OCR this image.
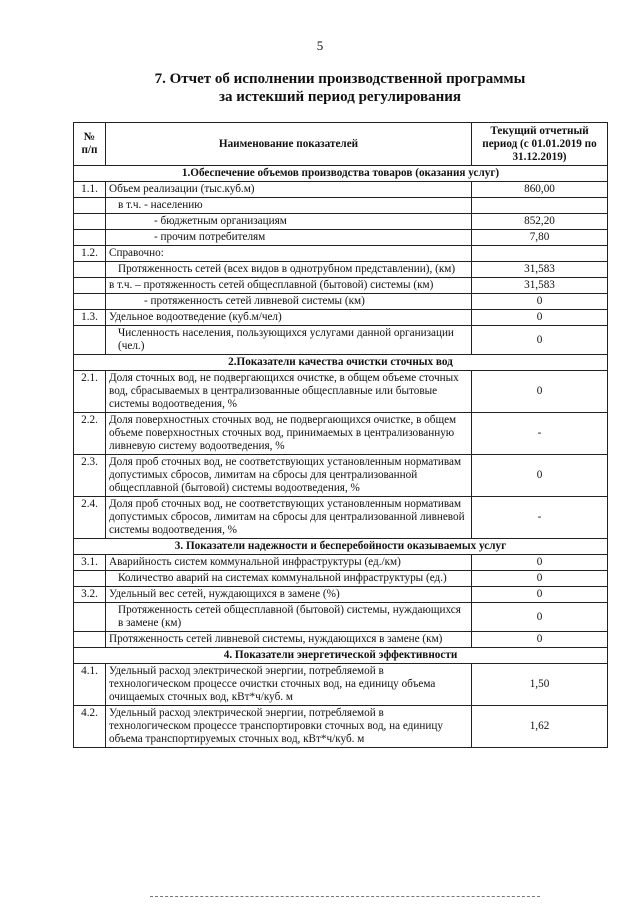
5
7. Отчет об исполнении производственной программы
за истекший период регулирования
№
п/п	Наименование показателей	Текущий отчетный период (с 01.01.2019 по 31.12.2019)
1.Обеспечение объемов производства товаров (оказания услуг)		
1.1.	Объем реализации (тыс.куб.м)	860,00
	в т.ч. - населению	
	- бюджетным организациям	852,20
	- прочим потребителям	7,80
1.2.	Справочно:	
	Протяженность сетей (всех видов в однотрубном представлении), (км)	31,583
	в т.ч. – протяженность сетей общесплавной (бытовой) системы (км)	31,583
	- протяженность сетей ливневой системы (км)	0
1.3.	Удельное водоотведение (куб.м/чел)	0
	Численность населения, пользующихся услугами данной организации (чел.)	0
2.Показатели качества очистки сточных вод		
2.1.	Доля сточных вод, не подвергающихся очистке, в общем объеме сточных вод, сбрасываемых в централизованные общесплавные или бытовые системы водоотведения, %	0
2.2.	Доля поверхностных сточных вод, не подвергающихся очистке, в общем объеме поверхностных сточных вод, принимаемых в централизованную ливневую систему водоотведения, %	-
2.3.	Доля проб сточных вод, не соответствующих установленным нормативам допустимых сбросов, лимитам на сбросы для централизованной общесплавной (бытовой) системы водоотведения, %	0
2.4.	Доля проб сточных вод, не соответствующих установленным нормативам допустимых сбросов, лимитам на сбросы для централизованной ливневой системы водоотведения, %	-
3. Показатели надежности и бесперебойности оказываемых услуг		
3.1.	Аварийность систем коммунальной инфраструктуры (ед./км)	0
	Количество аварий на системах коммунальной инфраструктуры (ед.)	0
3.2.	Удельный вес сетей, нуждающихся в замене (%)	0
	Протяженность сетей общесплавной (бытовой) системы, нуждающихся в замене (км)	0
	Протяженность сетей ливневой системы, нуждающихся в замене (км)	0
4. Показатели энергетической эффективности		
4.1.	Удельный расход электрической энергии, потребляемой в технологическом процессе очистки сточных вод, на единицу объема очищаемых сточных вод, кВт*ч/куб. м	1,50
4.2.	Удельный расход электрической энергии, потребляемой в технологическом процессе транспортировки сточных вод, на единицу объема транспортируемых сточных вод, кВт*ч/куб. м	1,62
